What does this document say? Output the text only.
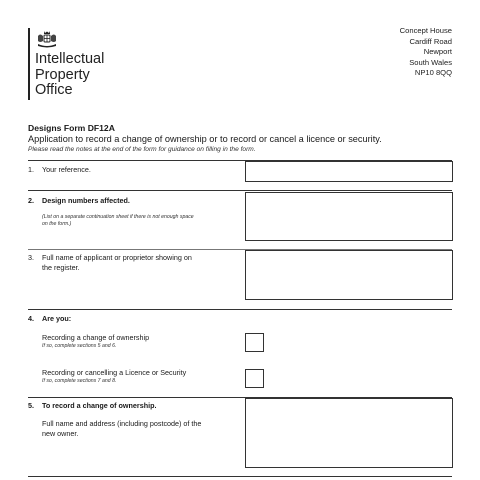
Intellectual
Property
Office
Concept House
Cardiff Road
Newport
South Wales
NP10 8QQ
Designs Form DF12A
Application to record a change of ownership or to record or cancel a licence or security.
Please read the notes at the end of the form for guidance on filling in the form.
1. Your reference.
2. Design numbers affected.
(List on a separate continuation sheet if there is not enough space
on the form.)
3. Full name of applicant or proprietor showing on
the register.
4. Are you:
Recording a change of ownership
If so, complete sections 5 and 6.
Recording or cancelling a Licence or Security
If so, complete sections 7 and 8.
5. To record a change of ownership.
Full name and address (including postcode) of the
new owner.
